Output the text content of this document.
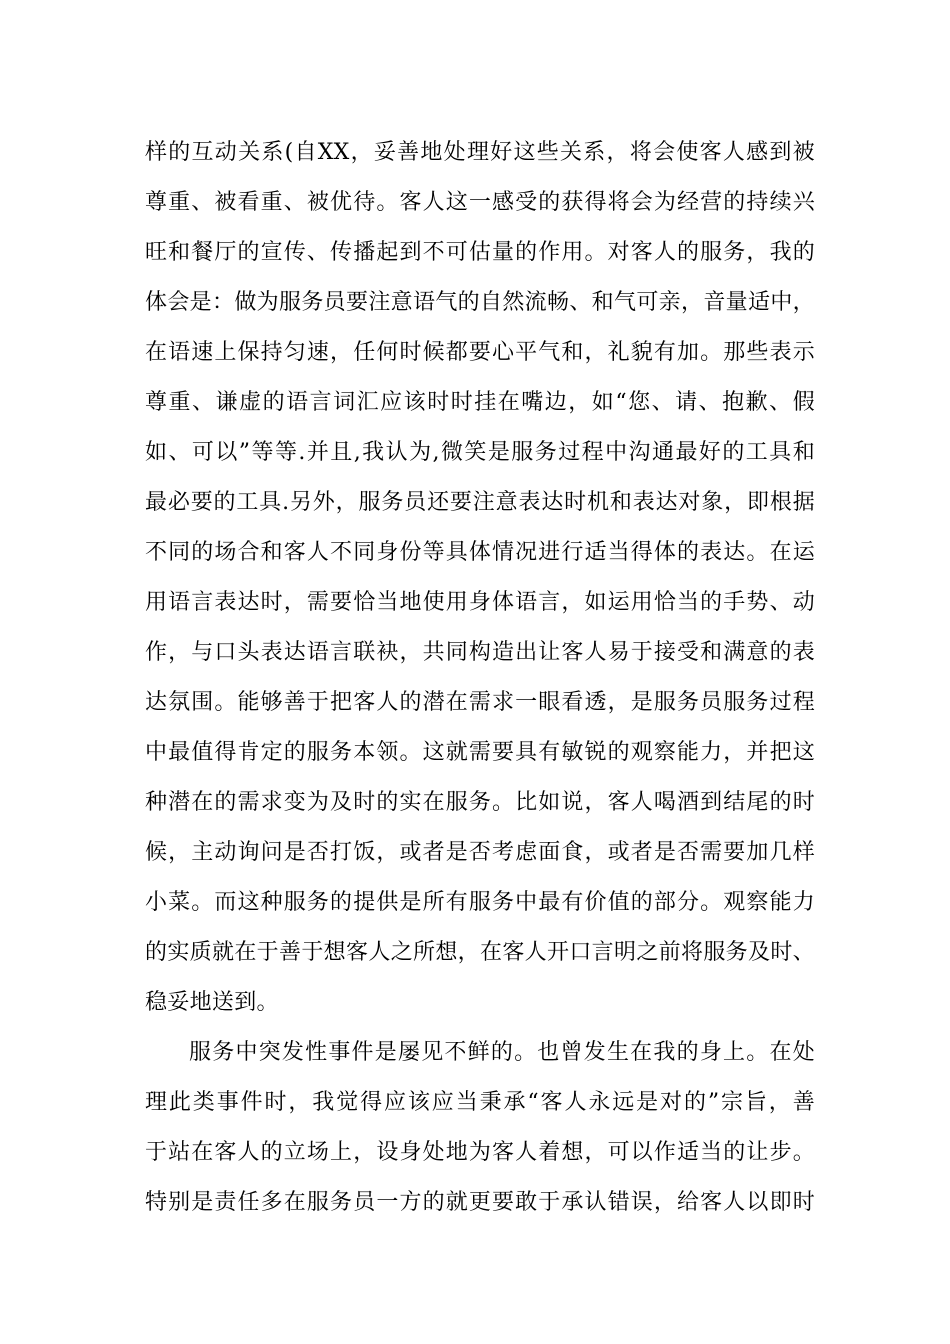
样的互动关系(自XX，妥善地处理好这些关系，将会使客人感到被
尊重、被看重、被优待。客人这一感受的获得将会为经营的持续兴
旺和餐厅的宣传、传播起到不可估量的作用。对客人的服务，我的
体会是：做为服务员要注意语气的自然流畅、和气可亲，音量适中，
在语速上保持匀速，任何时候都要心平气和，礼貌有加。那些表示
尊重、谦虚的语言词汇应该时时挂在嘴边，如“您、请、抱歉、假
如、可以”等等.并且,我认为,微笑是服务过程中沟通最好的工具和
最必要的工具.另外，服务员还要注意表达时机和表达对象，即根据
不同的场合和客人不同身份等具体情况进行适当得体的表达。在运
用语言表达时，需要恰当地使用身体语言，如运用恰当的手势、动
作，与口头表达语言联袂，共同构造出让客人易于接受和满意的表
达氛围。能够善于把客人的潜在需求一眼看透，是服务员服务过程
中最值得肯定的服务本领。这就需要具有敏锐的观察能力，并把这
种潜在的需求变为及时的实在服务。比如说，客人喝酒到结尾的时
候，主动询问是否打饭，或者是否考虑面食，或者是否需要加几样
小菜。而这种服务的提供是所有服务中最有价值的部分。观察能力
的实质就在于善于想客人之所想，在客人开口言明之前将服务及时、
稳妥地送到。
服务中突发性事件是屡见不鲜的。也曾发生在我的身上。在处
理此类事件时，我觉得应该应当秉承“客人永远是对的”宗旨，善
于站在客人的立场上，设身处地为客人着想，可以作适当的让步。
特别是责任多在服务员一方的就更要敢于承认错误，给客人以即时
